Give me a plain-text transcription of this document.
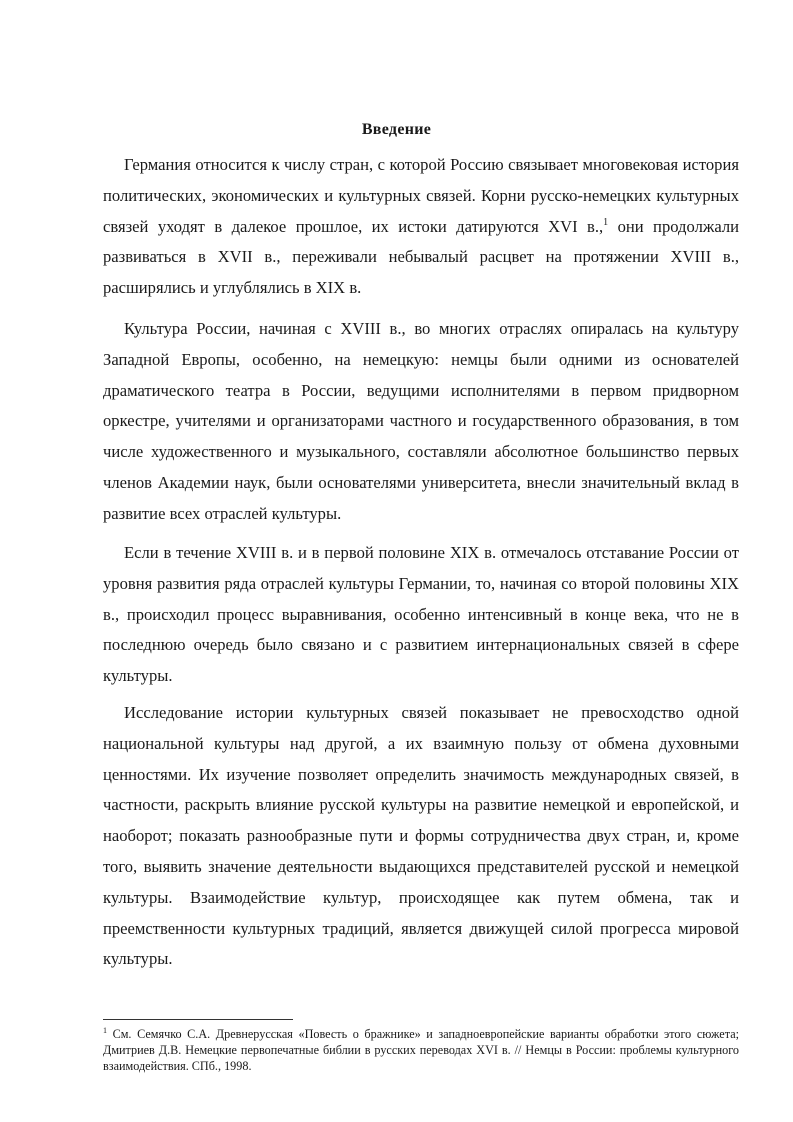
Введение

Германия относится к числу стран, с которой Россию связывает многовековая история политических, экономических и культурных связей. Корни русско-немецких культурных связей уходят в далекое прошлое, их истоки датируются XVI в.,$^1$ они продолжали развиваться в XVII в., переживали небывалый расцвет на протяжении XVIII в., расширялись и углублялись в XIX в.

Культура России, начиная с XVIII в., во многих отраслях опиралась на культуру Западной Европы, особенно, на немецкую: немцы были одними из основателей драматического театра в России, ведущими исполнителями в первом придворном оркестре, учителями и организаторами частного и государственного образования, в том числе художественного и музыкального, составляли абсолютное большинство первых членов Академии наук, были основателями университета, внесли значительный вклад в развитие всех отраслей культуры.

Если в течение XVIII в. и в первой половине XIX в. отмечалось отставание России от уровня развития ряда отраслей культуры Германии, то, начиная со второй половины XIX в., происходил процесс выравнивания, особенно интенсивный в конце века, что не в последнюю очередь было связано и с развитием интернациональных связей в сфере культуры.

Исследование истории культурных связей показывает не превосходство одной национальной культуры над другой, а их взаимную пользу от обмена духовными ценностями. Их изучение позволяет определить значимость международных связей, в частности, раскрыть влияние русской культуры на развитие немецкой и европейской, и наоборот; показать разнообразные пути и формы сотрудничества двух стран, и, кроме того, выявить значение деятельности выдающихся представителей русской и немецкой культуры. Взаимодействие культур, происходящее как путем обмена, так и преемственности культурных традиций, является движущей силой прогресса мировой культуры.

$^1$ См. Семячко С.А. Древнерусская «Повесть о бражнике» и западноевропейские варианты обработки этого сюжета; Дмитриев Д.В. Немецкие первопечатные библии в русских переводах XVI в. // Немцы в России: проблемы культурного взаимодействия. СПб., 1998.
